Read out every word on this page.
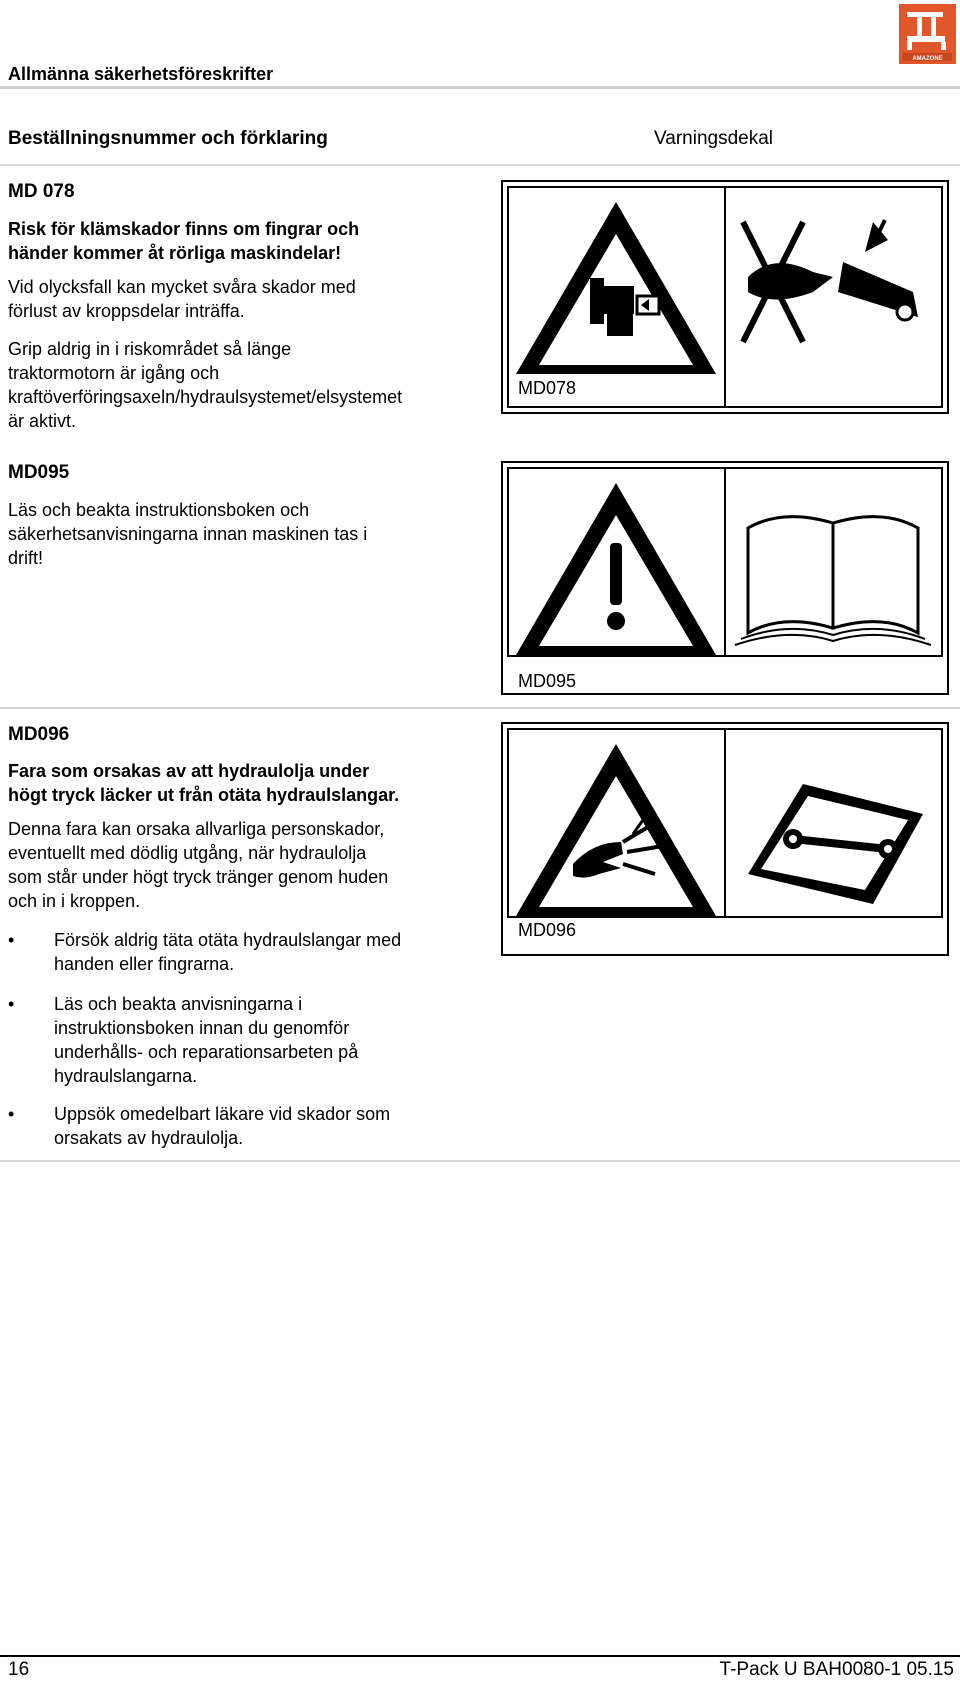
AMAZONE
Allmänna säkerhetsföreskrifter
Beställningsnummer och förklaring	Varningsdekal
MD 078
Risk för klämskador finns om fingrar och
händer kommer åt rörliga maskindelar!
Vid olycksfall kan mycket svåra skador med
förlust av kroppsdelar inträffa.
Grip aldrig in i riskområdet så länge
traktormotorn är igång och
kraftöverföringsaxeln/hydraulsystemet/elsystemet
är aktivt.
MD078
MD095
Läs och beakta instruktionsboken och
säkerhetsanvisningarna innan maskinen tas i
drift!
MD095
MD096
Fara som orsakas av att hydraulolja under
högt tryck läcker ut från otäta hydraulslangar.
Denna fara kan orsaka allvarliga personskador,
eventuellt med dödlig utgång, när hydraulolja
som står under högt tryck tränger genom huden
och in i kroppen.
• Försök aldrig täta otäta hydraulslangar med
handen eller fingrarna.
• Läs och beakta anvisningarna i
instruktionsboken innan du genomför
underhålls- och reparationsarbeten på
hydraulslangarna.
• Uppsök omedelbart läkare vid skador som
orsakats av hydraulolja.
MD096
16	T-Pack U BAH0080-1 05.15
